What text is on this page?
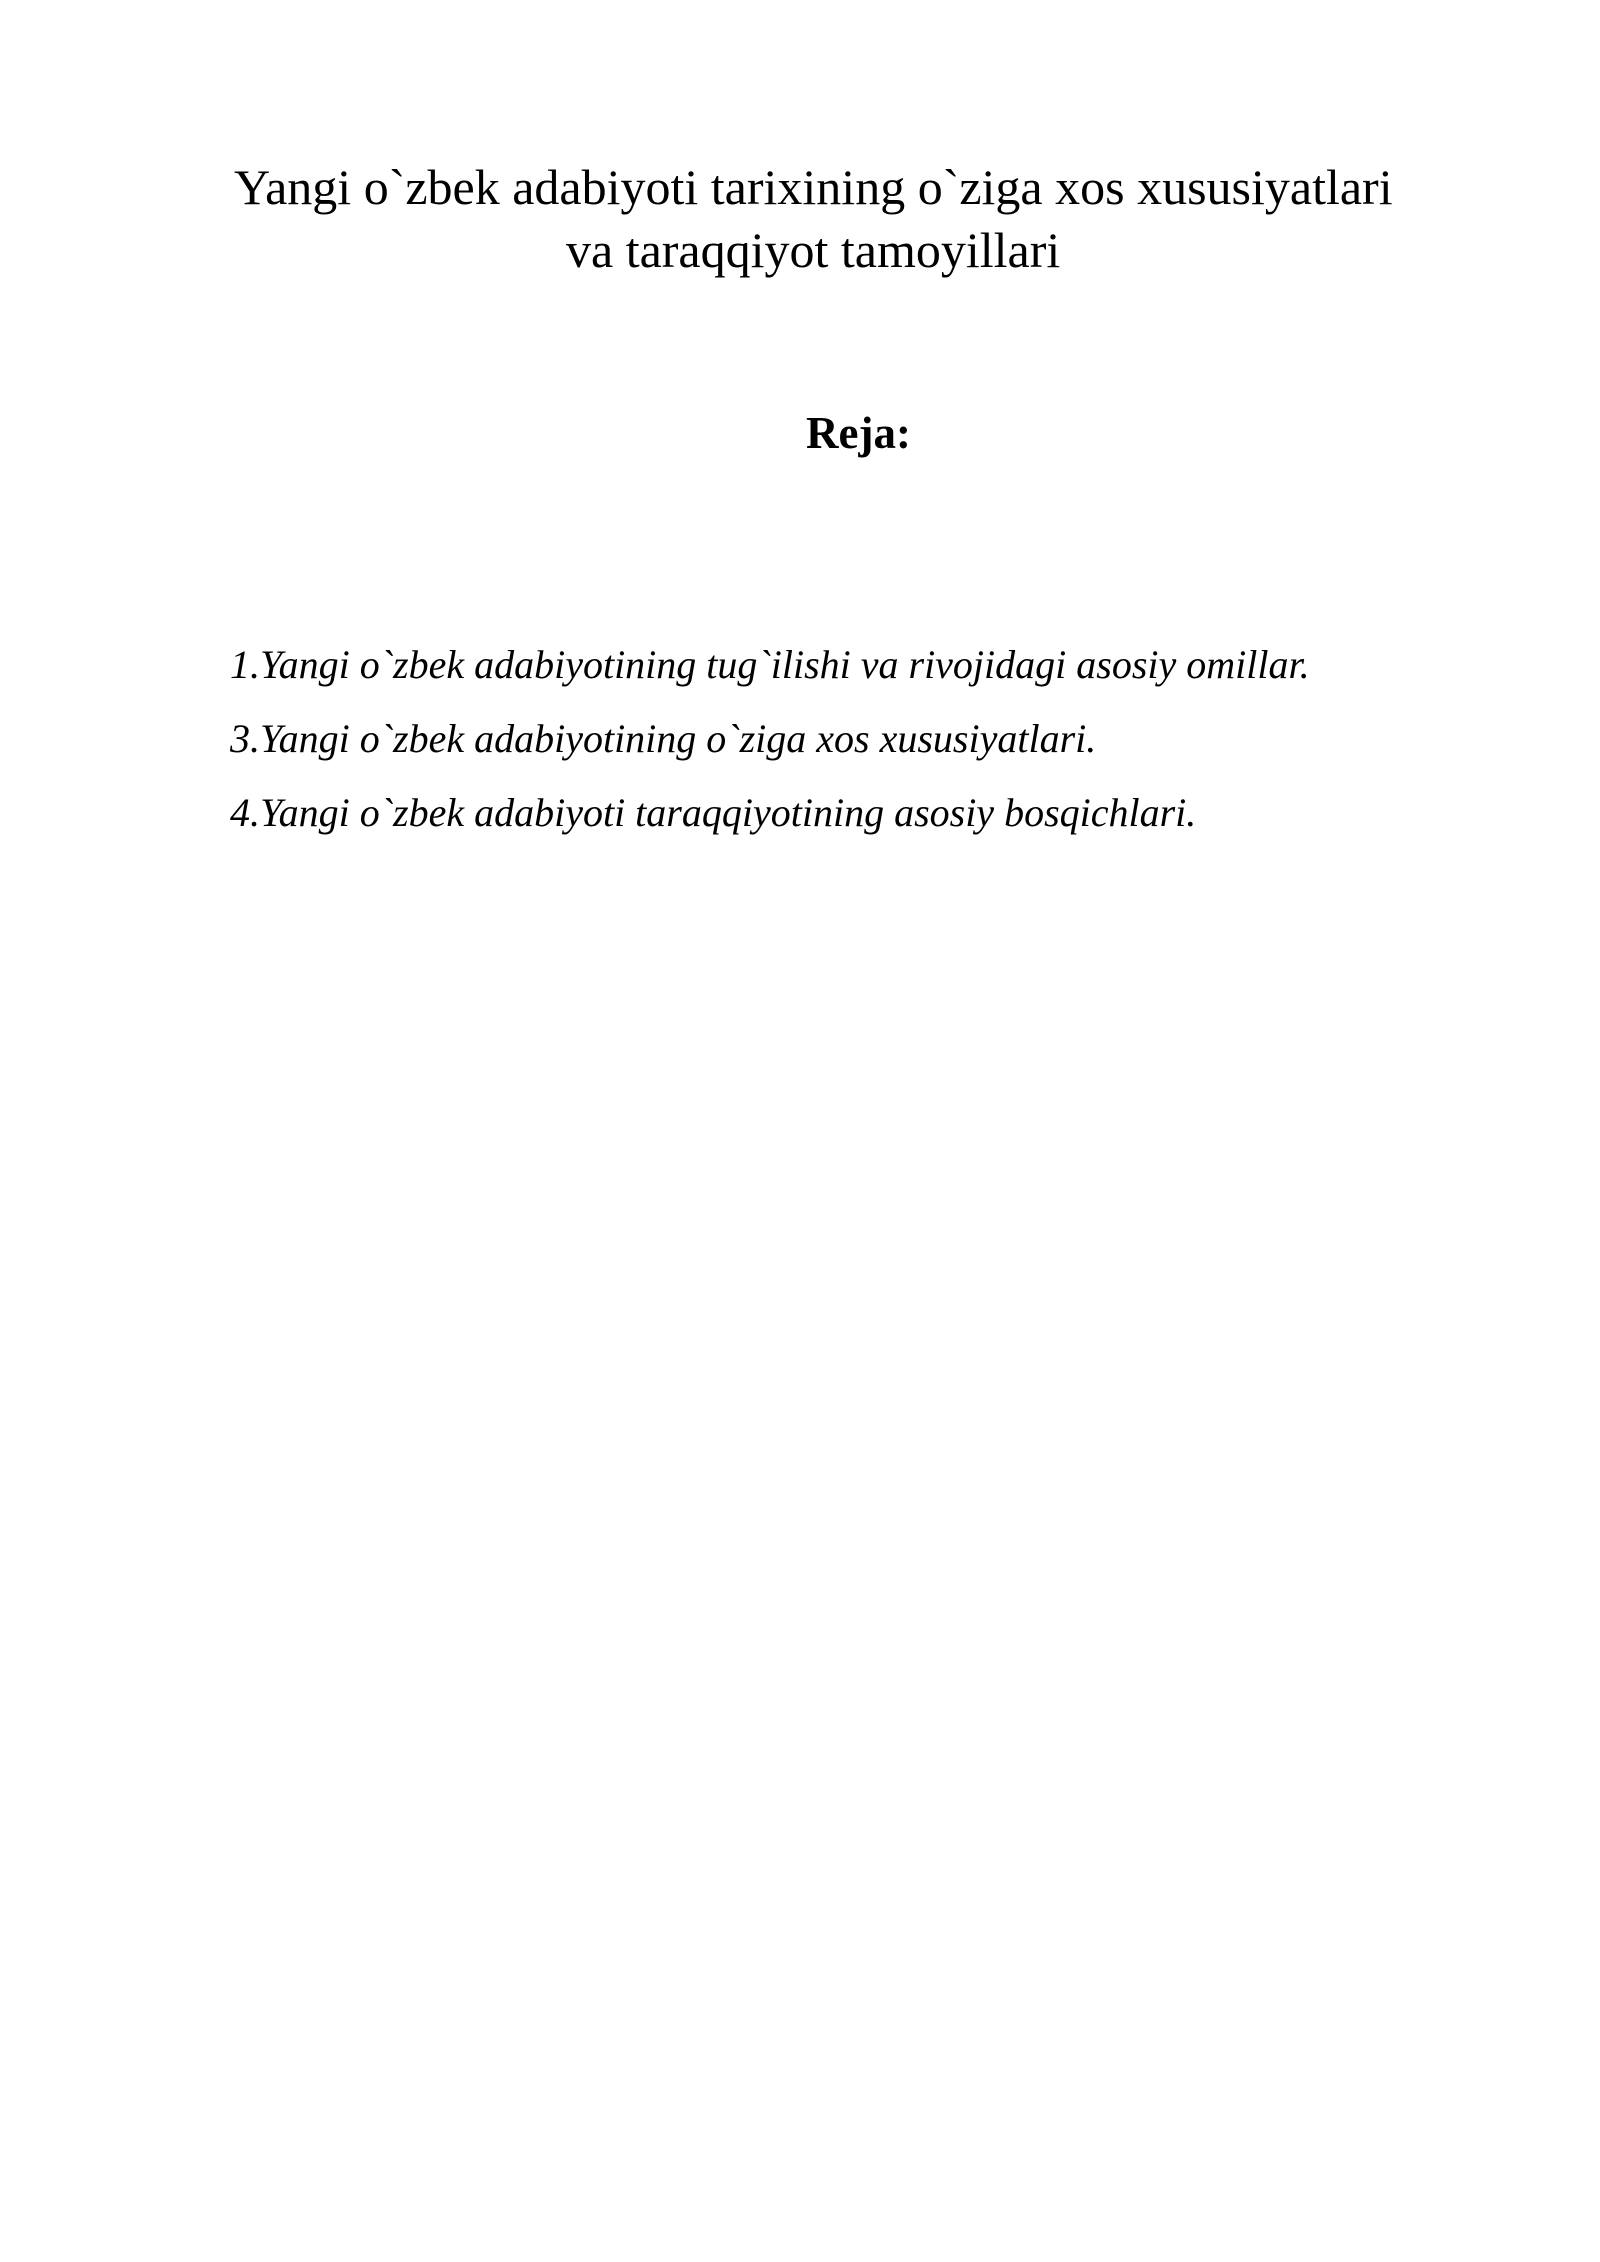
Yangi o`zbek adabiyoti tarixining o`ziga xos xususiyatlari
va taraqqiyot tamoyillari
Reja:
1.Yangi o`zbek adabiyotining tug`ilishi va rivojidagi asosiy omillar.
3.Yangi o`zbek adabiyotining o`ziga xos xususiyatlari.
4.Yangi o`zbek adabiyoti taraqqiyotining asosiy bosqichlari.
